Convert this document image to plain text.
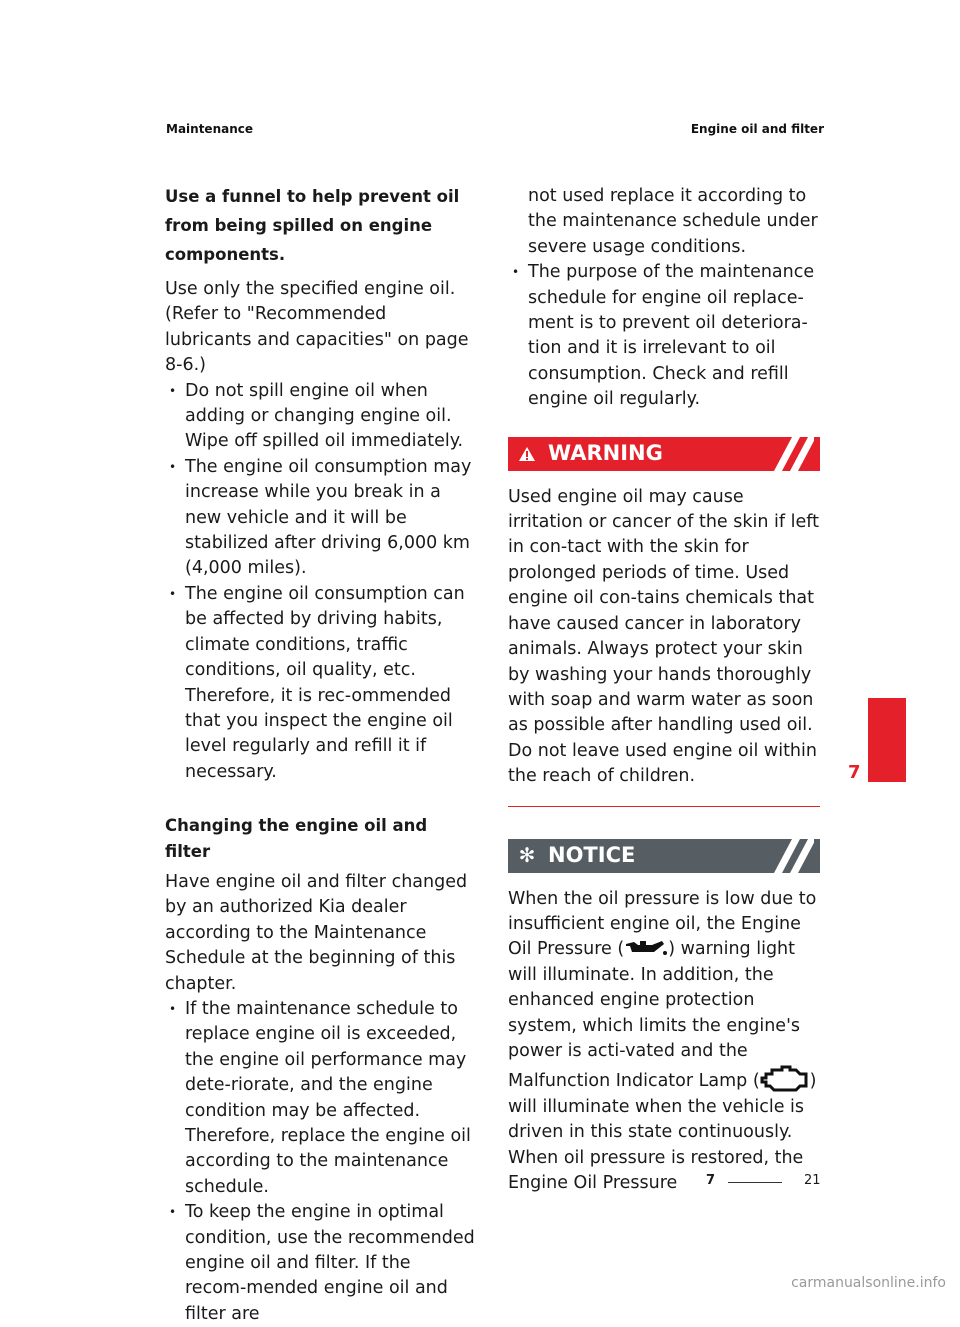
Maintenance	Engine oil and filter

Use a funnel to help prevent oil from being spilled on engine components.

Use only the specified engine oil. (Refer to "Recommended lubricants and capacities" on page 8-6.)

• Do not spill engine oil when adding or changing engine oil. Wipe off spilled oil immediately.
• The engine oil consumption may increase while you break in a new vehicle and it will be stabilized after driving 6,000 km (4,000 miles).
• The engine oil consumption can be affected by driving habits, climate conditions, traffic conditions, oil quality, etc. Therefore, it is rec-ommended that you inspect the engine oil level regularly and refill it if necessary.
Changing the engine oil and filter

Have engine oil and filter changed by an authorized Kia dealer according to the Maintenance Schedule at the beginning of this chapter.

• If the maintenance schedule to replace engine oil is exceeded, the engine oil performance may dete-riorate, and the engine condition may be affected. Therefore, replace the engine oil according to the maintenance schedule.
• To keep the engine in optimal condition, use the recommended engine oil and filter. If the recom-mended engine oil and filter are
not used replace it according to the maintenance schedule under severe usage conditions.
• The purpose of the maintenance schedule for engine oil replace-ment is to prevent oil deteriora-tion and it is irrelevant to oil consumption. Check and refill engine oil regularly.
WARNING
Used engine oil may cause irritation or cancer of the skin if left in con-tact with the skin for prolonged periods of time. Used engine oil con-tains chemicals that have caused cancer in laboratory animals. Always protect your skin by washing your hands thoroughly with soap and warm water as soon as possible after handling used oil. Do not leave used engine oil within the reach of children.
✻ NOTICE
When the oil pressure is low due to insufficient engine oil, the Engine Oil Pressure (	) warning light will illuminate. In addition, the enhanced engine protection system, which limits the engine's power is acti-vated and the Malfunction Indicator Lamp (	) will illuminate when the vehicle is driven in this state continuously. When oil pressure is restored, the Engine Oil Pressure
7
7	21
carmanualsonline.info
